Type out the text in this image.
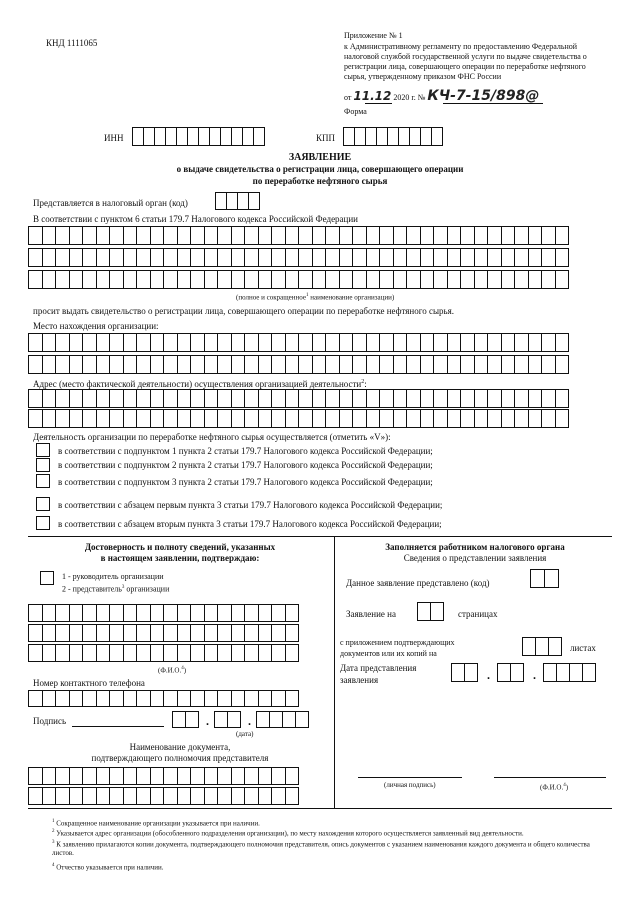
КНД 1111065
Приложение № 1
к Административному регламенту по предоставлению Федеральной налоговой службой государственной услуги по выдаче свидетельства о регистрации лица, совершающего операции по переработке нефтяного сырья, утвержденному приказом ФНС России
от 11.12 2020 г. № КЧ-7-15/898@
Форма
ИНН	КПП
ЗАЯВЛЕНИЕ
о выдаче свидетельства о регистрации лица, совершающего операции
по переработке нефтяного сырья
Представляется в налоговый орган (код)
В соответствии с пунктом 6 статьи 179.7 Налогового кодекса Российской Федерации
(полное и сокращенное$^1$ наименование организации)
просит выдать свидетельство о регистрации лица, совершающего операции по переработке нефтяного сырья.
Место нахождения организации:
Адрес (место фактической деятельности) осуществления организацией деятельности$^2$:
Деятельность организации по переработке нефтяного сырья осуществляется (отметить «V»):
в соответствии с подпунктом 1 пункта 2 статьи 179.7 Налогового кодекса Российской Федерации;
в соответствии с подпунктом 2 пункта 2 статьи 179.7 Налогового кодекса Российской Федерации;
в соответствии с подпунктом 3 пункта 2 статьи 179.7 Налогового кодекса Российской Федерации;
в соответствии с абзацем первым пункта 3 статьи 179.7 Налогового кодекса Российской Федерации;
в соответствии с абзацем вторым пункта 3 статьи 179.7 Налогового кодекса Российской Федерации;
Достоверность и полноту сведений, указанных
в настоящем заявлении, подтверждаю:
1 - руководитель организации
2 - представитель$^3$ организации
(Ф.И.О.$^4$)
Номер контактного телефона
Подпись	.	.
(дата)
Наименование документа,
подтверждающего полномочия представителя
Заполняется работником налогового органа
Сведения о представлении заявления
Данное заявление представлено (код)
Заявление на	страницах
с приложением подтверждающих
документов или их копий на
листах
Дата представления
заявления	.	.
(личная подпись)	(Ф.И.О.$^4$)
$^1$ Сокращенное наименование организации указывается при наличии.
$^2$ Указывается адрес организации (обособленного подразделения организации), по месту нахождения которого осуществляется заявленный вид деятельности.
$^3$ К заявлению прилагаются копии документа, подтверждающего полномочия представителя, опись документов с указанием наименования каждого документа и общего количества листов.
$^4$ Отчество указывается при наличии.
